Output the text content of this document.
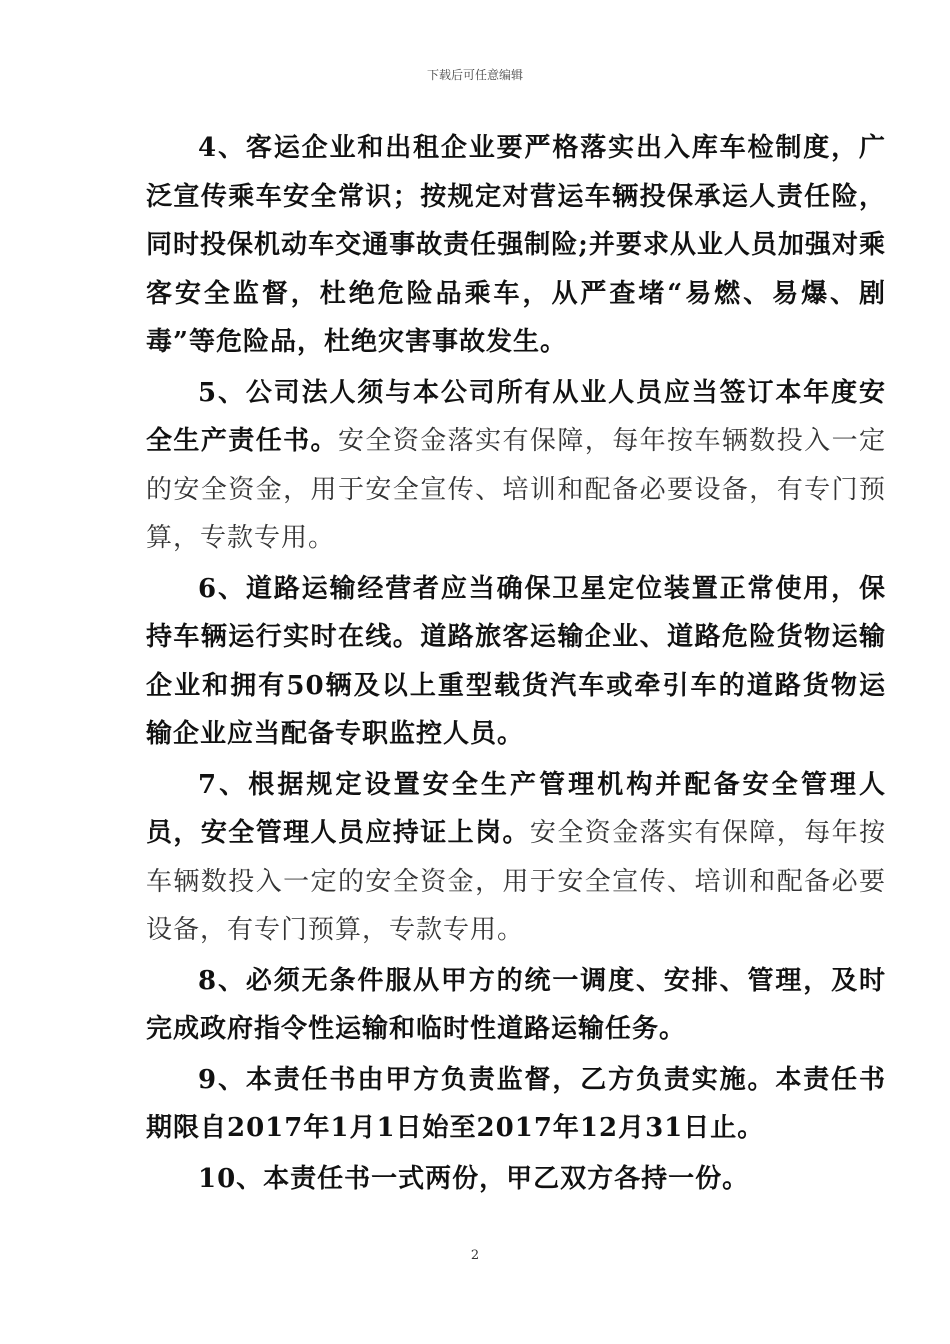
下载后可任意编辑

4、客运企业和出租企业要严格落实出入库车检制度，广泛宣传乘车安全常识；按规定对营运车辆投保承运人责任险，同时投保机动车交通事故责任强制险;并要求从业人员加强对乘客安全监督，杜绝危险品乘车，从严查堵“易燃、易爆、剧毒”等危险品，杜绝灾害事故发生。

5、公司法人须与本公司所有从业人员应当签订本年度安全生产责任书。安全资金落实有保障，每年按车辆数投入一定的安全资金，用于安全宣传、培训和配备必要设备，有专门预算，专款专用。

6、道路运输经营者应当确保卫星定位装置正常使用，保持车辆运行实时在线。道路旅客运输企业、道路危险货物运输企业和拥有50辆及以上重型载货汽车或牵引车的道路货物运输企业应当配备专职监控人员。

7、根据规定设置安全生产管理机构并配备安全管理人员，安全管理人员应持证上岗。安全资金落实有保障，每年按车辆数投入一定的安全资金，用于安全宣传、培训和配备必要设备，有专门预算，专款专用。

8、必须无条件服从甲方的统一调度、安排、管理，及时完成政府指令性运输和临时性道路运输任务。

9、本责任书由甲方负责监督，乙方负责实施。本责任书期限自2017年1月1日始至2017年12月31日止。

10、本责任书一式两份，甲乙双方各持一份。

2
